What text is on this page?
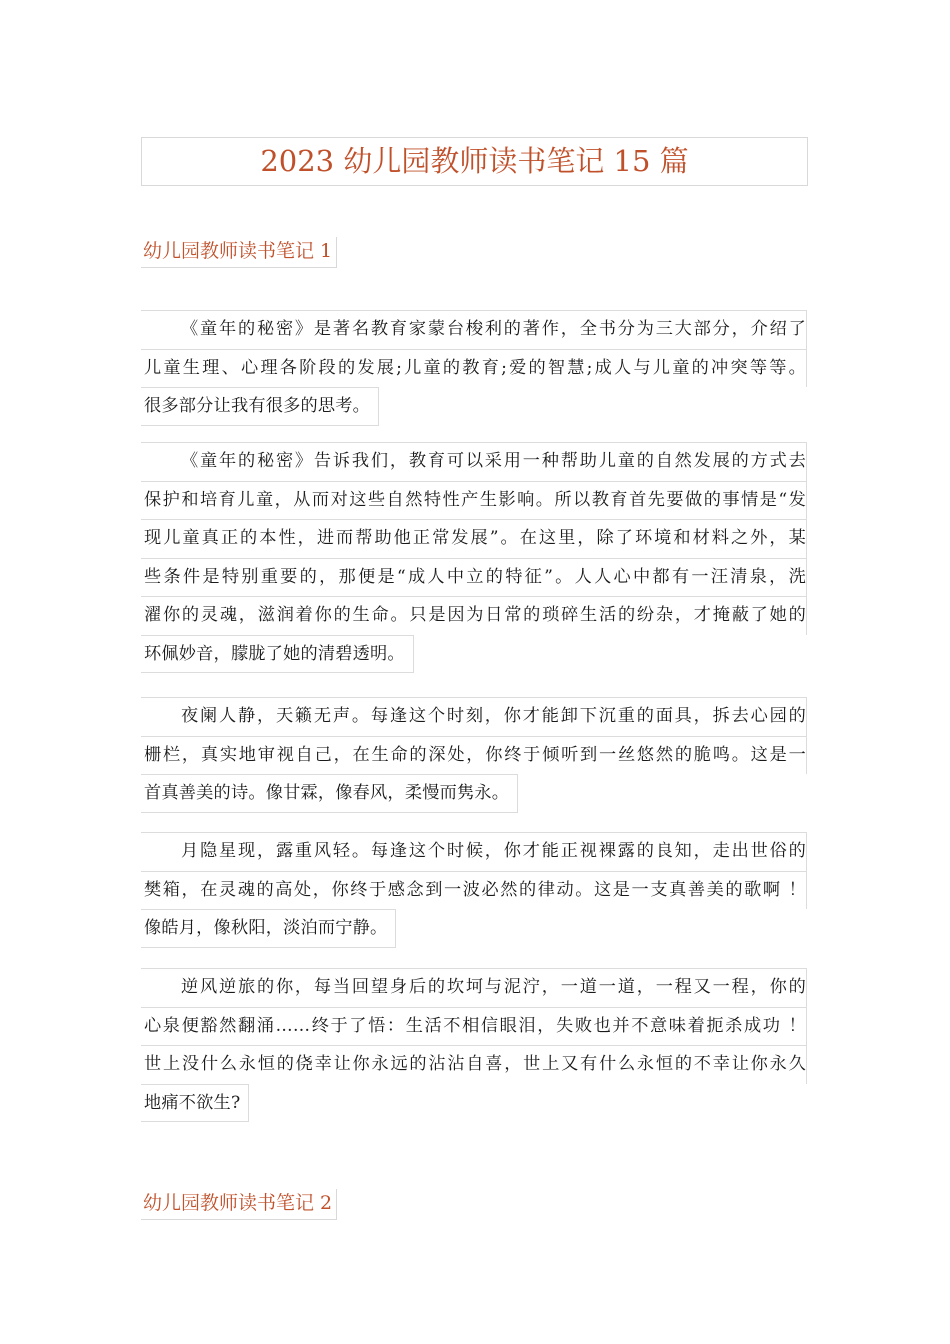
2023 幼儿园教师读书笔记 15 篇
幼儿园教师读书笔记 1
《童年的秘密》是著名教育家蒙台梭利的著作，全书分为三大部分，介绍了
儿童生理、心理各阶段的发展;儿童的教育;爱的智慧;成人与儿童的冲突等等。
很多部分让我有很多的思考。
《童年的秘密》告诉我们，教育可以采用一种帮助儿童的自然发展的方式去
保护和培育儿童，从而对这些自然特性产生影响。所以教育首先要做的事情是“发
现儿童真正的本性，进而帮助他正常发展”。在这里，除了环境和材料之外，某
些条件是特别重要的，那便是“成人中立的特征”。人人心中都有一汪清泉，洗
濯你的灵魂，滋润着你的生命。只是因为日常的琐碎生活的纷杂，才掩蔽了她的
环佩妙音，朦胧了她的清碧透明。
夜阑人静，天籁无声。每逢这个时刻，你才能卸下沉重的面具，拆去心园的
栅栏，真实地审视自己，在生命的深处，你终于倾听到一丝悠然的脆鸣。这是一
首真善美的诗。像甘霖，像春风，柔慢而隽永。
月隐星现，露重风轻。每逢这个时候，你才能正视裸露的良知，走出世俗的
樊箱，在灵魂的高处，你终于感念到一波必然的律动。这是一支真善美的歌啊 ！
像皓月，像秋阳，淡泊而宁静。
逆风逆旅的你，每当回望身后的坎坷与泥泞，一道一道，一程又一程，你的
心泉便豁然翻涌……终于了悟：生活不相信眼泪，失败也并不意味着扼杀成功 ！
世上没什么永恒的侥幸让你永远的沾沾自喜，世上又有什么永恒的不幸让你永久
地痛不欲生?
幼儿园教师读书笔记 2
